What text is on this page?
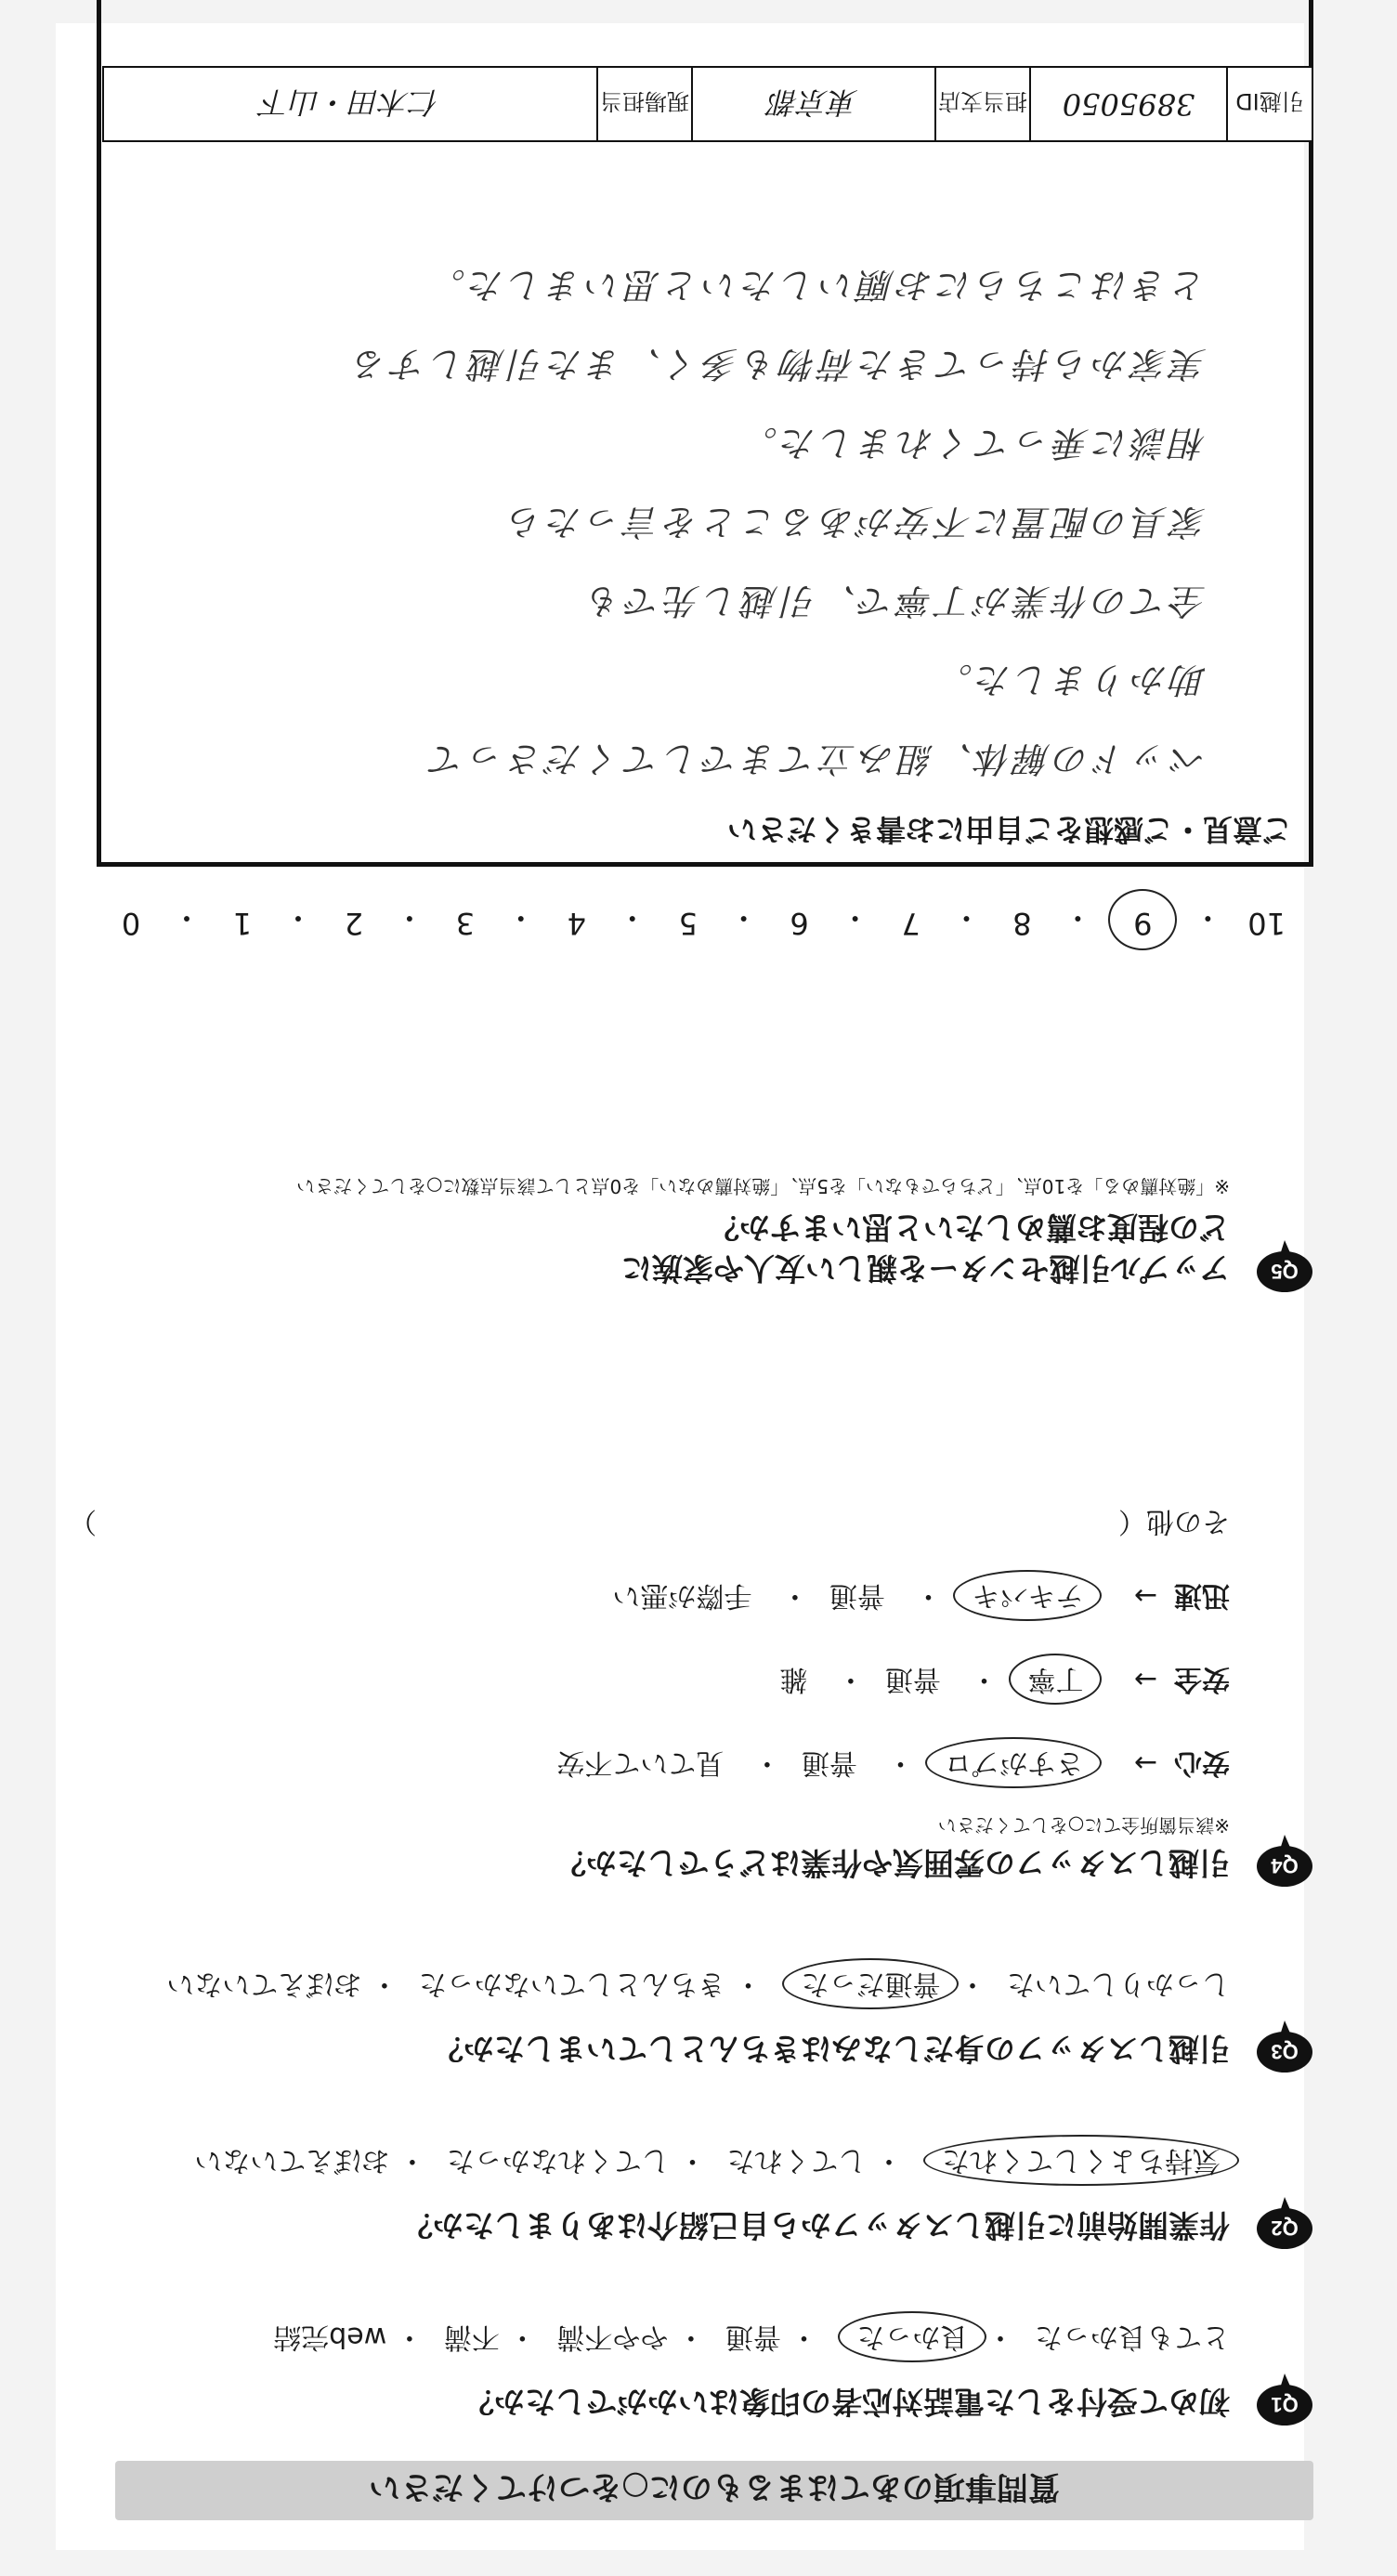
質問事項のあてはまるものに○をつけてください
Q1
初めて受付をした電話対応者の印象はいかがでしたか？
とても良かった・ 良かった・ 普通・ やや不満・ 不満・ web完結
Q2
作業開始前に引越しスタッフから自己紹介はありましたか？
気持ちよくしてくれた・ してくれた・ してくれなかった・ おぼえていない
Q3
引越しスタッフの身だしなみはきちんとしていましたか？
しっかりしていた・ 普通だった・ きちんとしていなかった・ おぼえていない
Q4
引越しスタッフの雰囲気や作業はどうでしたか？
※該当箇所全てに○をしてください
安心→ さすがプロ・ 普通・ 見ていて不安
安全→ 丁寧・ 普通・ 雑
迅速→ テキパキ・ 普通・ 手際が悪い
その他（
）
Q5
アップル引越センターを親しい友人や家族に
どの程度お薦めしたいと思いますか？
※「絶対薦める」を10点、「どちらでもない」を5点、「絶対薦めない」を0点として該当点数に○をしてください
10
・
9
・
8
・
7
・
6
・
5
・
4
・
3
・
2
・
1
・
0
ご意見・ご感想をご自由にお書きください
ベッドの解体、組み立てまでしてくださって
助かりました。
全ての作業が丁寧で、引越し先でも
家具の配置に不安があることを言ったら
相談に乗ってくれました。
実家から持ってきた荷物も多く、また引越しする
ときはこちらにお願いしたいと思いました。
引越ID
3895050
担当支店
東京都
現場担当
仁木田・山下
